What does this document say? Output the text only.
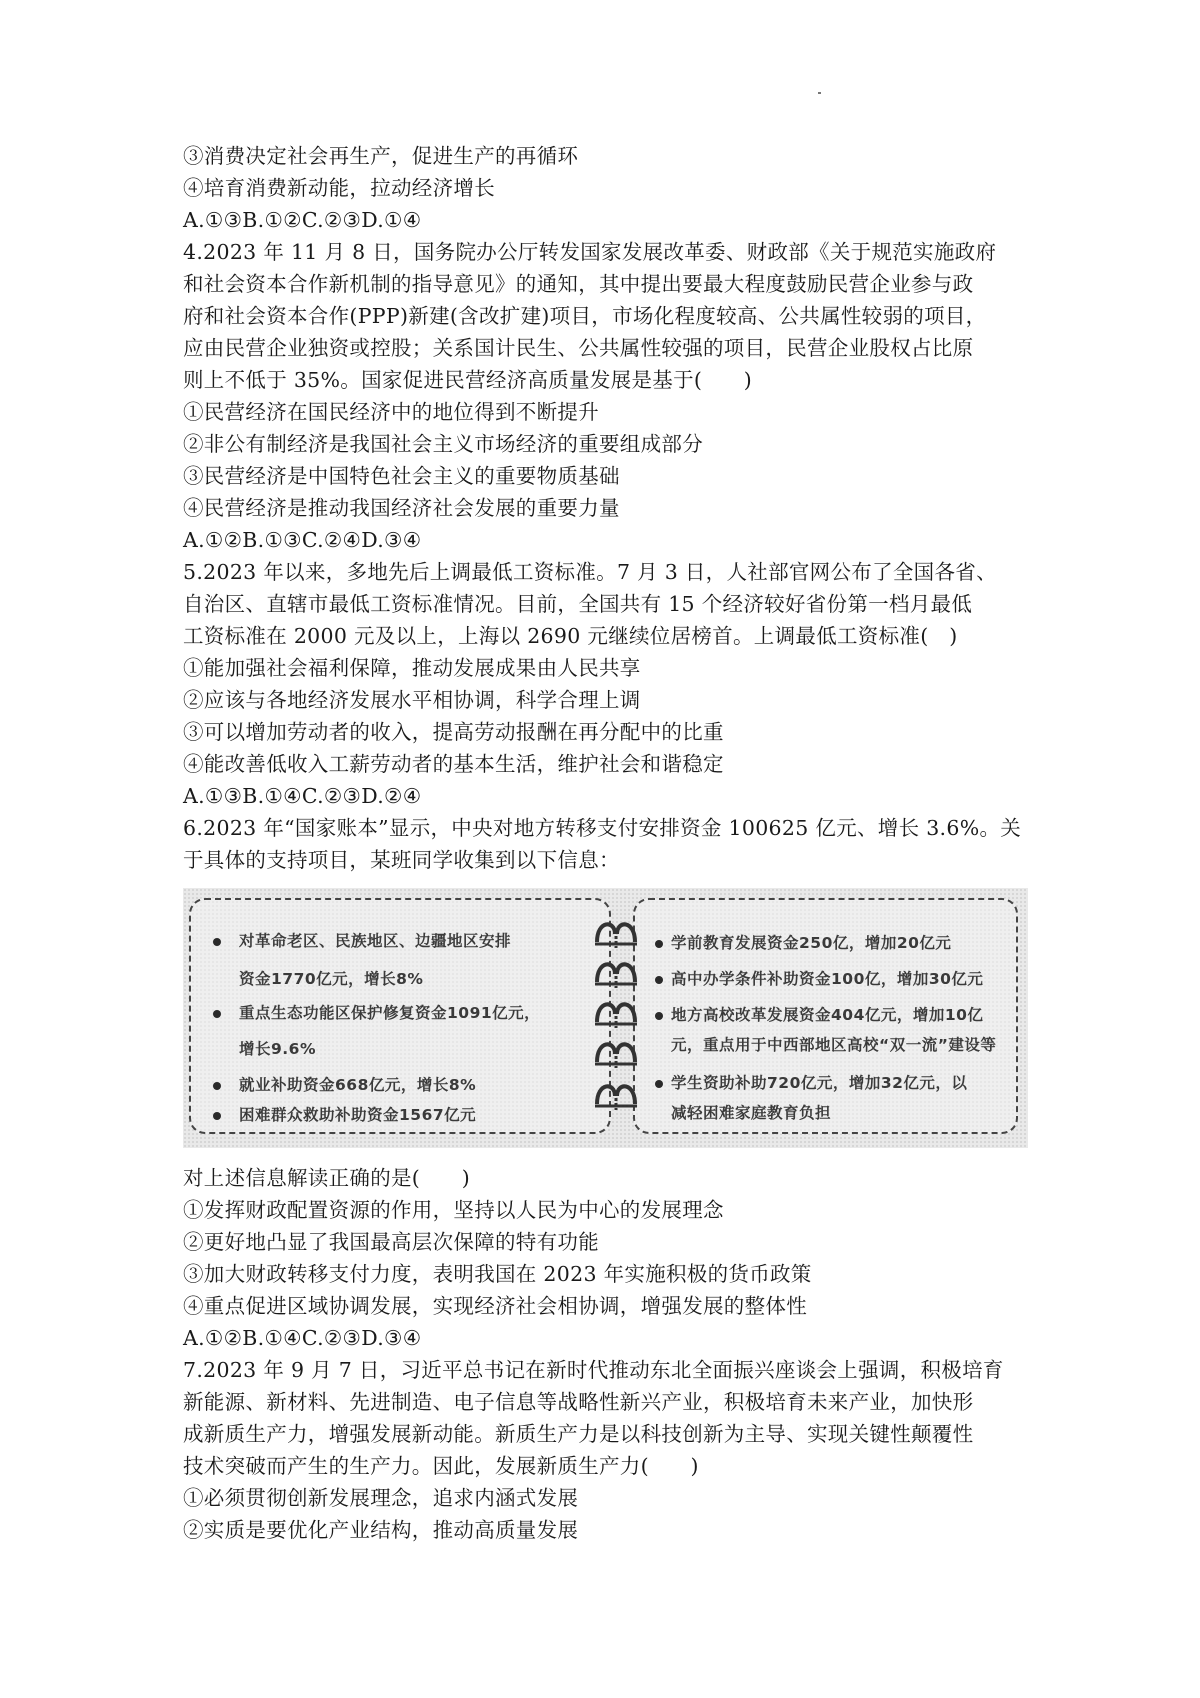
③消费决定社会再生产，促进生产的再循环
④培育消费新动能，拉动经济增长
A.①③B.①②C.②③D.①④
4.2023 年 11 月 8 日，国务院办公厅转发国家发展改革委、财政部《关于规范实施政府
和社会资本合作新机制的指导意见》的通知，其中提出要最大程度鼓励民营企业参与政
府和社会资本合作(PPP)新建(含改扩建)项目，市场化程度较高、公共属性较弱的项目，
应由民营企业独资或控股；关系国计民生、公共属性较强的项目，民营企业股权占比原
则上不低于 35%。国家促进民营经济高质量发展是基于(　　)
①民营经济在国民经济中的地位得到不断提升
②非公有制经济是我国社会主义市场经济的重要组成部分
③民营经济是中国特色社会主义的重要物质基础
④民营经济是推动我国经济社会发展的重要力量
A.①②B.①③C.②④D.③④
5.2023 年以来，多地先后上调最低工资标准。7 月 3 日，人社部官网公布了全国各省、
自治区、直辖市最低工资标准情况。目前，全国共有 15 个经济较好省份第一档月最低
工资标准在 2000 元及以上，上海以 2690 元继续位居榜首。上调最低工资标准(　)
①能加强社会福利保障，推动发展成果由人民共享
②应该与各地经济发展水平相协调，科学合理上调
③可以增加劳动者的收入，提高劳动报酬在再分配中的比重
④能改善低收入工薪劳动者的基本生活，维护社会和谐稳定
A.①③B.①④C.②③D.②④
6.2023 年“国家账本”显示，中央对地方转移支付安排资金 100625 亿元、增长 3.6%。关
于具体的支持项目，某班同学收集到以下信息：
对革命老区、民族地区、边疆地区安排
资金1770亿元，增长8%
重点生态功能区保护修复资金1091亿元，
增长9.6%
就业补助资金668亿元，增长8%
困难群众救助补助资金1567亿元
学前教育发展资金250亿，增加20亿元
高中办学条件补助资金100亿，增加30亿元
地方高校改革发展资金404亿元，增加10亿
元，重点用于中西部地区高校“双一流”建设等
学生资助补助720亿元，增加32亿元，以
减轻困难家庭教育负担
对上述信息解读正确的是(　　)
①发挥财政配置资源的作用，坚持以人民为中心的发展理念
②更好地凸显了我国最高层次保障的特有功能
③加大财政转移支付力度，表明我国在 2023 年实施积极的货币政策
④重点促进区域协调发展，实现经济社会相协调，增强发展的整体性
A.①②B.①④C.②③D.③④
7.2023 年 9 月 7 日，习近平总书记在新时代推动东北全面振兴座谈会上强调，积极培育
新能源、新材料、先进制造、电子信息等战略性新兴产业，积极培育未来产业，加快形
成新质生产力，增强发展新动能。新质生产力是以科技创新为主导、实现关键性颠覆性
技术突破而产生的生产力。因此，发展新质生产力(　　)
①必须贯彻创新发展理念，追求内涵式发展
②实质是要优化产业结构，推动高质量发展
